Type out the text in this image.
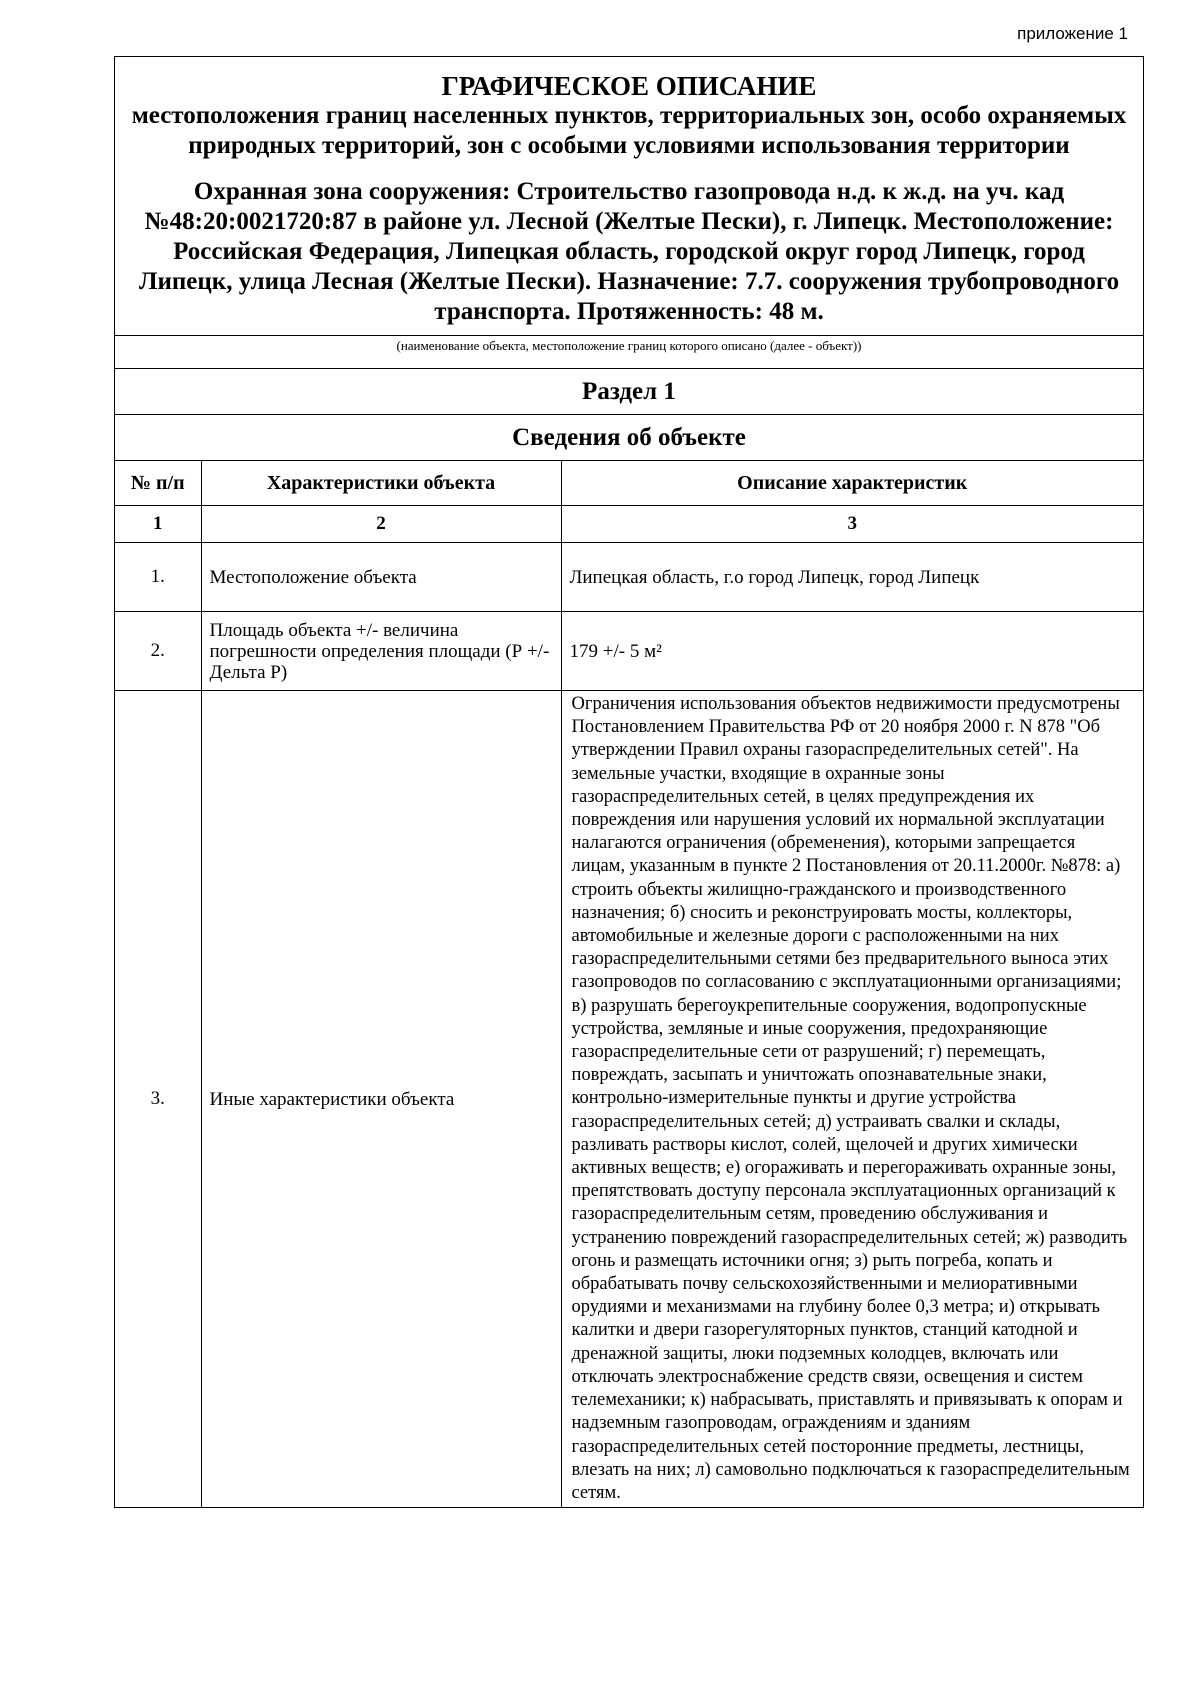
приложение 1
ГРАФИЧЕСКОЕ ОПИСАНИЕ
местоположения границ населенных пунктов, территориальных зон, особо охраняемых природных территорий, зон с особыми условиями использования территории
Охранная зона сооружения: Строительство газопровода н.д. к ж.д. на уч. кад №48:20:0021720:87 в районе ул. Лесной (Желтые Пески), г. Липецк. Местоположение: Российская Федерация, Липецкая область, городской округ город Липецк, город Липецк, улица Лесная (Желтые Пески). Назначение: 7.7. сооружения трубопроводного транспорта. Протяженность: 48 м.
(наименование объекта, местоположение границ которого описано (далее - объект))
Раздел 1
Сведения об объекте
№ п/п	Характеристики объекта	Описание характеристик
1	2	3
1.	Местоположение объекта	Липецкая область, г.о город Липецк, город Липецк
2.	Площадь объекта +/- величина погрешности определения площади (Р +/- Дельта Р)	179 +/- 5 м²
3.	Иные характеристики объекта	Ограничения использования объектов недвижимости предусмотрены Постановлением Правительства РФ от 20 ноября 2000 г. N 878 "Об утверждении Правил охраны газораспределительных сетей". На земельные участки, входящие в охранные зоны газораспределительных сетей, в целях предупреждения их повреждения или нарушения условий их нормальной эксплуатации налагаются ограничения (обременения), которыми запрещается лицам, указанным в пункте 2 Постановления от 20.11.2000г. №878: а) строить объекты жилищно-гражданского и производственного назначения; б) сносить и реконструировать мосты, коллекторы, автомобильные и железные дороги с расположенными на них газораспределительными сетями без предварительного выноса этих газопроводов по согласованию с эксплуатационными организациями; в) разрушать берегоукрепительные сооружения, водопропускные устройства, земляные и иные сооружения, предохраняющие газораспределительные сети от разрушений; г) перемещать, повреждать, засыпать и уничтожать опознавательные знаки, контрольно-измерительные пункты и другие устройства газораспределительных сетей; д) устраивать свалки и склады, разливать растворы кислот, солей, щелочей и других химически активных веществ; е) огораживать и перегораживать охранные зоны, препятствовать доступу персонала эксплуатационных организаций к газораспределительным сетям, проведению обслуживания и устранению повреждений газораспределительных сетей; ж) разводить огонь и размещать источники огня; з) рыть погреба, копать и обрабатывать почву сельскохозяйственными и мелиоративными орудиями и механизмами на глубину более 0,3 метра; и) открывать калитки и двери газорегуляторных пунктов, станций катодной и дренажной защиты, люки подземных колодцев, включать или отключать электроснабжение средств связи, освещения и систем телемеханики; к) набрасывать, приставлять и привязывать к опорам и надземным газопроводам, ограждениям и зданиям газораспределительных сетей посторонние предметы, лестницы, влезать на них; л) самовольно подключаться к газораспределительным сетям.
